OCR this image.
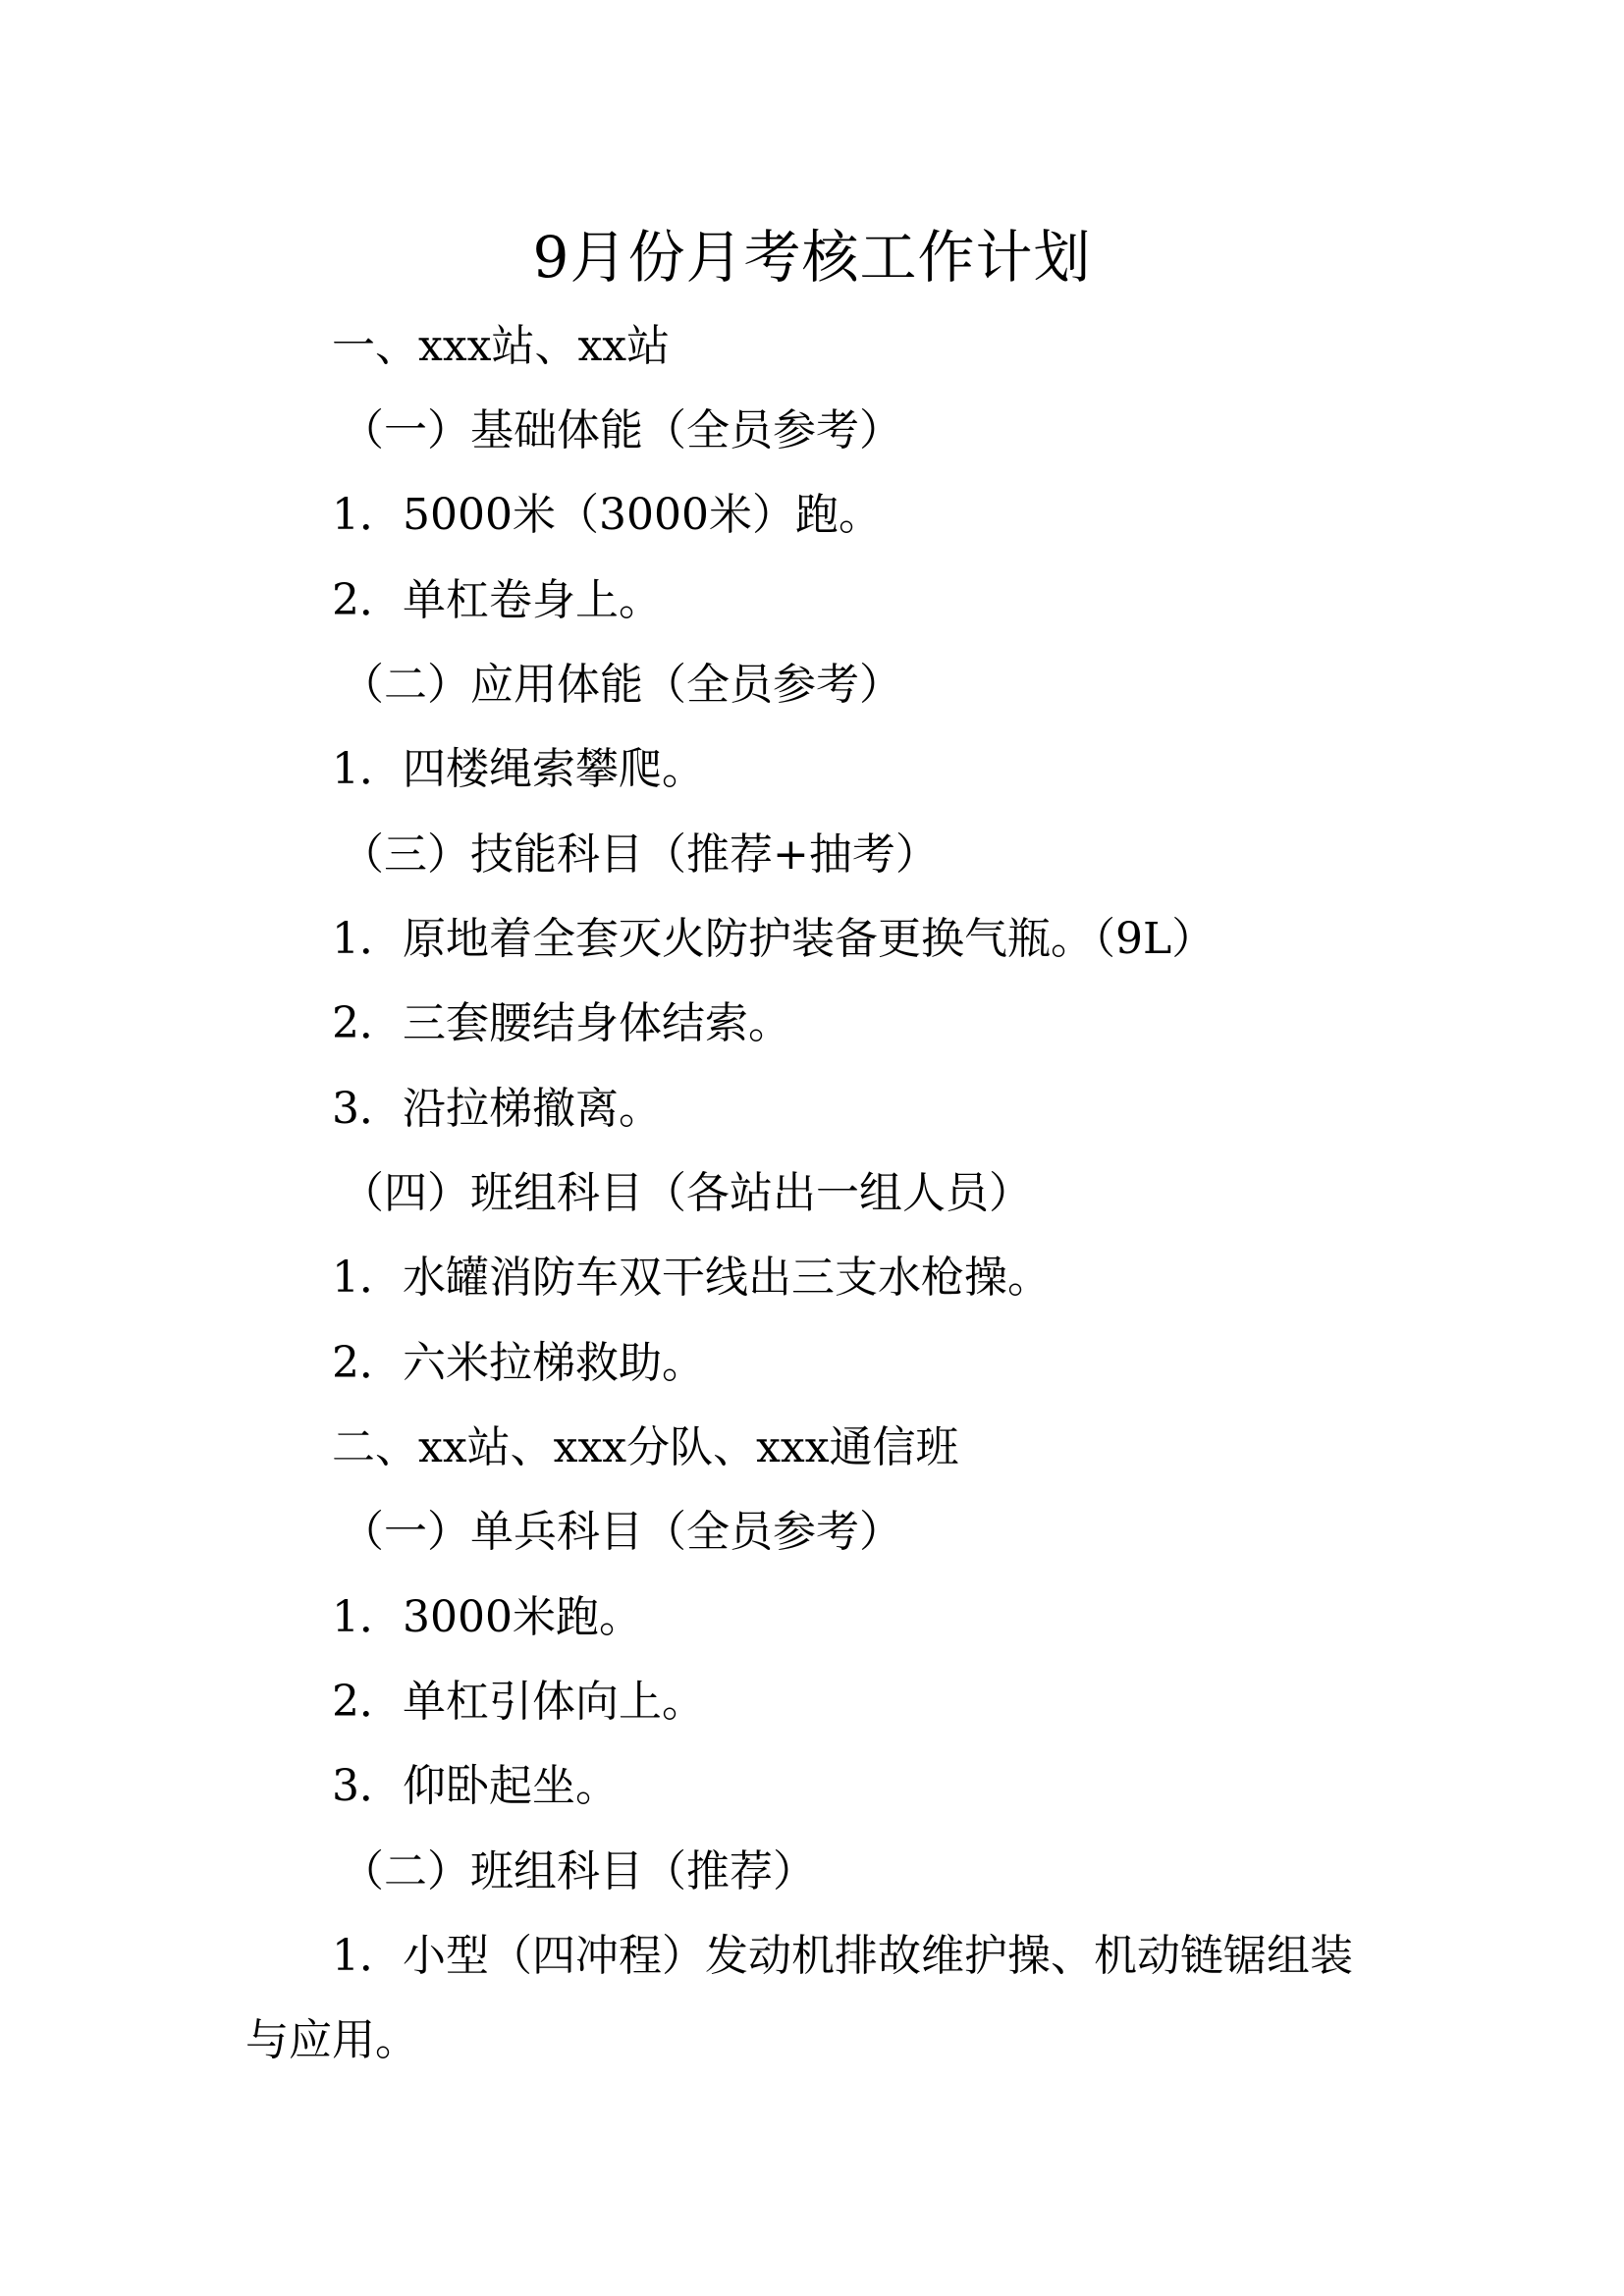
9月份月考核工作计划

一、xxx站、xx站

（一）基础体能（全员参考）

1．5000米（3000米）跑。

2．单杠卷身上。

（二）应用体能（全员参考）

1．四楼绳索攀爬。

（三）技能科目（推荐+抽考）

1．原地着全套灭火防护装备更换气瓶。（9L）

2．三套腰结身体结索。

3．沿拉梯撤离。

（四）班组科目（各站出一组人员）

1．水罐消防车双干线出三支水枪操。

2．六米拉梯救助。

二、xx站、xxx分队、xxx通信班

（一）单兵科目（全员参考）

1．3000米跑。

2．单杠引体向上。

3．仰卧起坐。

（二）班组科目（推荐）

1．小型（四冲程）发动机排故维护操、机动链锯组装

与应用。
